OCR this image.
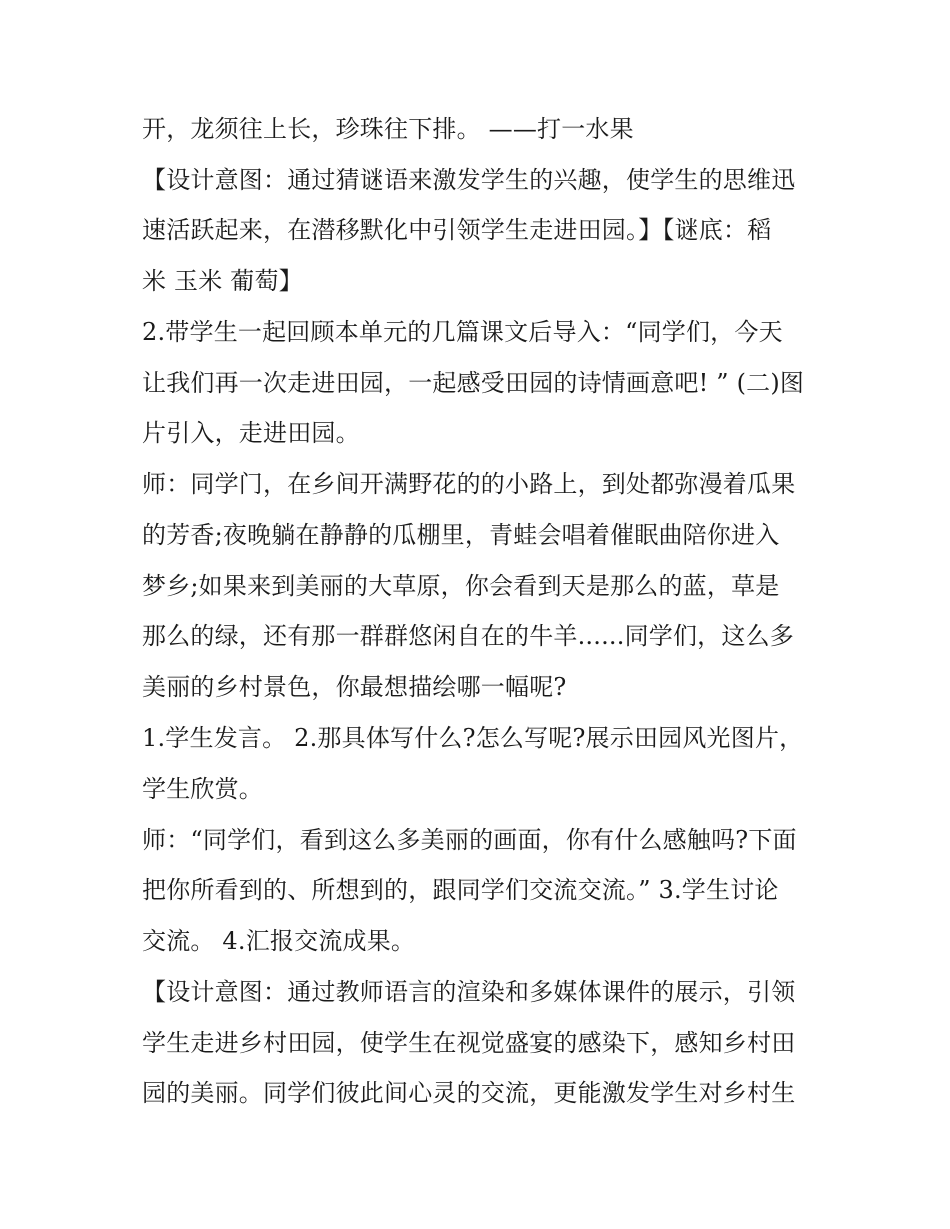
开，龙须往上长，珍珠往下排。 ——打一水果
【设计意图：通过猜谜语来激发学生的兴趣，使学生的思维迅
速活跃起来，在潜移默化中引领学生走进田园。】【谜底：稻
米 玉米 葡萄】
2.带学生一起回顾本单元的几篇课文后导入：“同学们，今天
让我们再一次走进田园，一起感受田园的诗情画意吧! ” (二)图
片引入，走进田园。
师：同学门，在乡间开满野花的的小路上，到处都弥漫着瓜果
的芳香;夜晚躺在静静的瓜棚里，青蛙会唱着催眠曲陪你进入
梦乡;如果来到美丽的大草原，你会看到天是那么的蓝，草是
那么的绿，还有那一群群悠闲自在的牛羊......同学们，这么多
美丽的乡村景色，你最想描绘哪一幅呢?
1.学生发言。 2.那具体写什么?怎么写呢?展示田园风光图片，
学生欣赏。
师：“同学们，看到这么多美丽的画面，你有什么感触吗?下面
把你所看到的、所想到的，跟同学们交流交流。” 3.学生讨论
交流。 4.汇报交流成果。
【设计意图：通过教师语言的渲染和多媒体课件的展示，引领
学生走进乡村田园，使学生在视觉盛宴的感染下，感知乡村田
园的美丽。同学们彼此间心灵的交流，更能激发学生对乡村生
